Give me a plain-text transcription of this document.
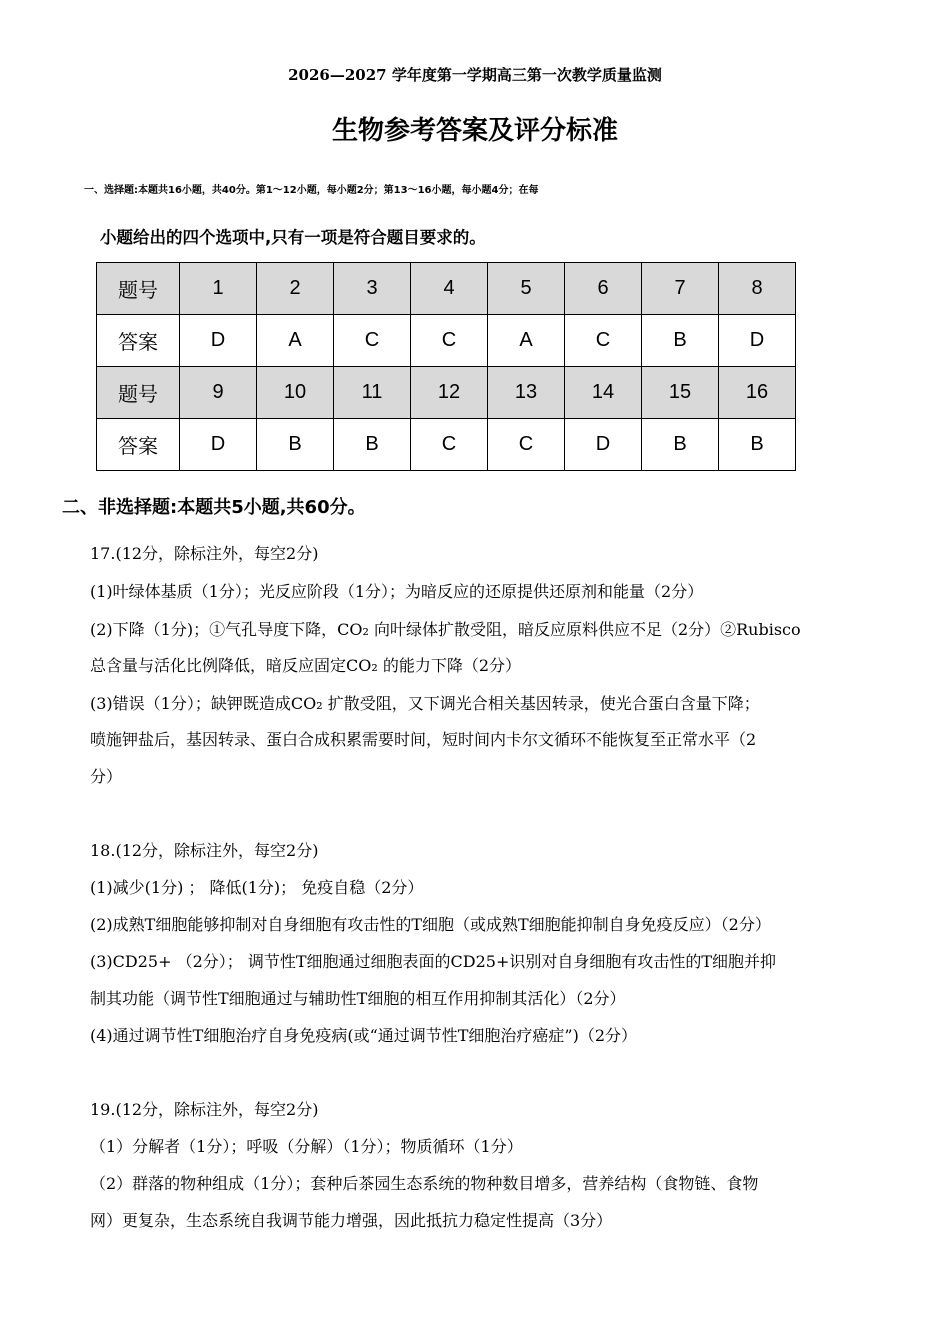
2026—2027 学年度第一学期高三第一次教学质量监测
生物参考答案及评分标准
一、选择题:本题共16小题，共40分。第1～12小题，每小题2分；第13～16小题，每小题4分；在每
小题给出的四个选项中,只有一项是符合题目要求的。
题号	1	2	3	4	5	6	7	8
答案	D	A	C	C	A	C	B	D
题号	9	10	11	12	13	14	15	16
答案	D	B	B	C	C	D	B	B
二、非选择题:本题共5小题,共60分。
17.(12分，除标注外，每空2分)
(1)叶绿体基质（1分）；光反应阶段（1分）；为暗反应的还原提供还原剂和能量（2分）
(2)下降（1分)；①气孔导度下降，CO₂ 向叶绿体扩散受阻，暗反应原料供应不足（2分）②Rubisco
总含量与活化比例降低，暗反应固定CO₂ 的能力下降（2分）
(3)错误（1分）；缺钾既造成CO₂ 扩散受阻，又下调光合相关基因转录，使光合蛋白含量下降；
喷施钾盐后，基因转录、蛋白合成积累需要时间，短时间内卡尔文循环不能恢复至正常水平（2
分）
18.(12分，除标注外，每空2分)
(1)减少(1分) ； 降低(1分)； 免疫自稳（2分）
(2)成熟T细胞能够抑制对自身细胞有攻击性的T细胞（或成熟T细胞能抑制自身免疫反应）（2分）
(3)CD25+ （2分）； 调节性T细胞通过细胞表面的CD25+识别对自身细胞有攻击性的T细胞并抑
制其功能（调节性T细胞通过与辅助性T细胞的相互作用抑制其活化）（2分）
(4)通过调节性T细胞治疗自身免疫病(或“通过调节性T细胞治疗癌症”)（2分）
19.(12分，除标注外，每空2分)
（1）分解者（1分）；呼吸（分解）（1分）；物质循环（1分）
（2）群落的物种组成（1分）；套种后茶园生态系统的物种数目增多，营养结构（食物链、食物
网）更复杂，生态系统自我调节能力增强，因此抵抗力稳定性提高（3分）
